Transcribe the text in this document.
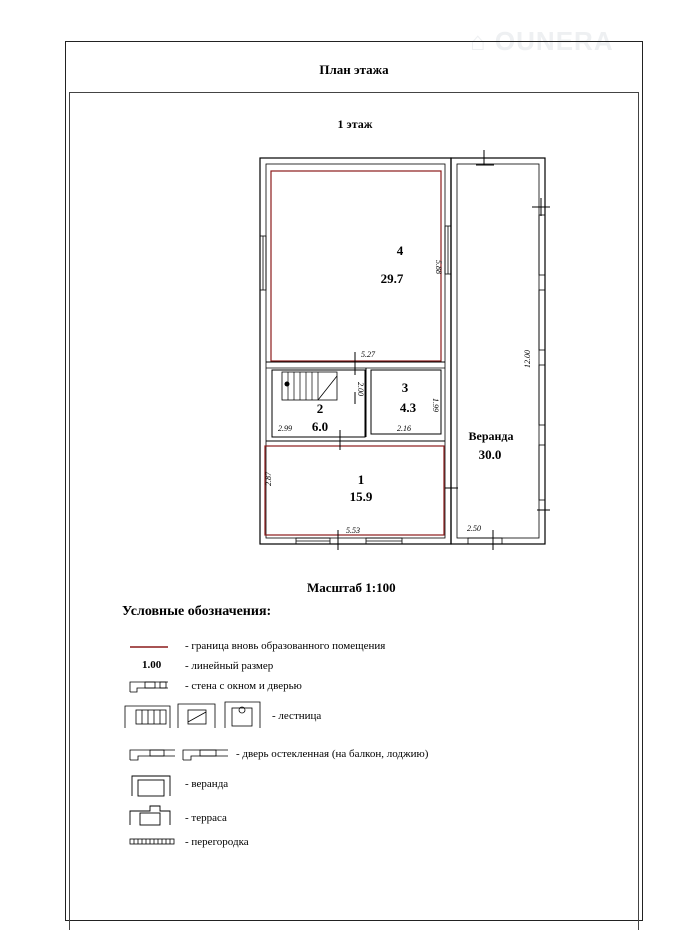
⌂ OUNERA
План этажа
1 этаж
4
29.7
2
6.0
3
4.3
1
15.9
Веранда
30.0
5.88
5.27
2.00
1.99
2.99	2.16
2.87
5.53
12.00
2.50
Масштаб 1:100
Условные обозначения:
1.00
- граница вновь образованного помещения
- линейный размер
- стена с окном и дверью
- лестница
- дверь остекленная (на балкон, лоджию)
- веранда
- терраса
- перегородка
